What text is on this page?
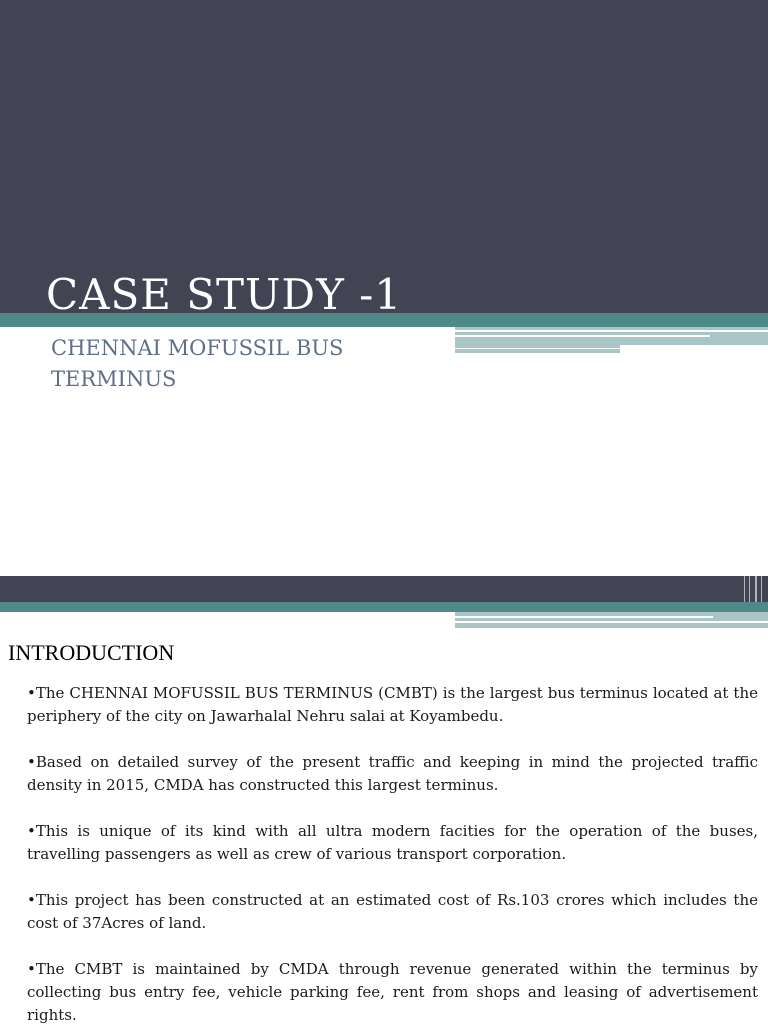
CASE STUDY -1

CHENNAI MOFUSSIL BUS TERMINUS

INTRODUCTION
• The CHENNAI MOFUSSIL BUS TERMINUS (CMBT) is the largest bus terminus located at the periphery of the city on Jawarhalal Nehru salai at Koyambedu.
• Based on detailed survey of the present traffic and keeping in mind the projected traffic density in 2015, CMDA has constructed this largest terminus.
• This is unique of its kind with all ultra modern facities for the operation of the buses, travelling passengers as well as crew of various transport corporation.
• This project has been constructed at an estimated cost of Rs.103 crores which includes the cost of 37Acres of land.
• The CMBT is maintained by CMDA through revenue generated within the terminus by collecting bus entry fee, vehicle parking fee, rent from shops and leasing of advertisement rights.
